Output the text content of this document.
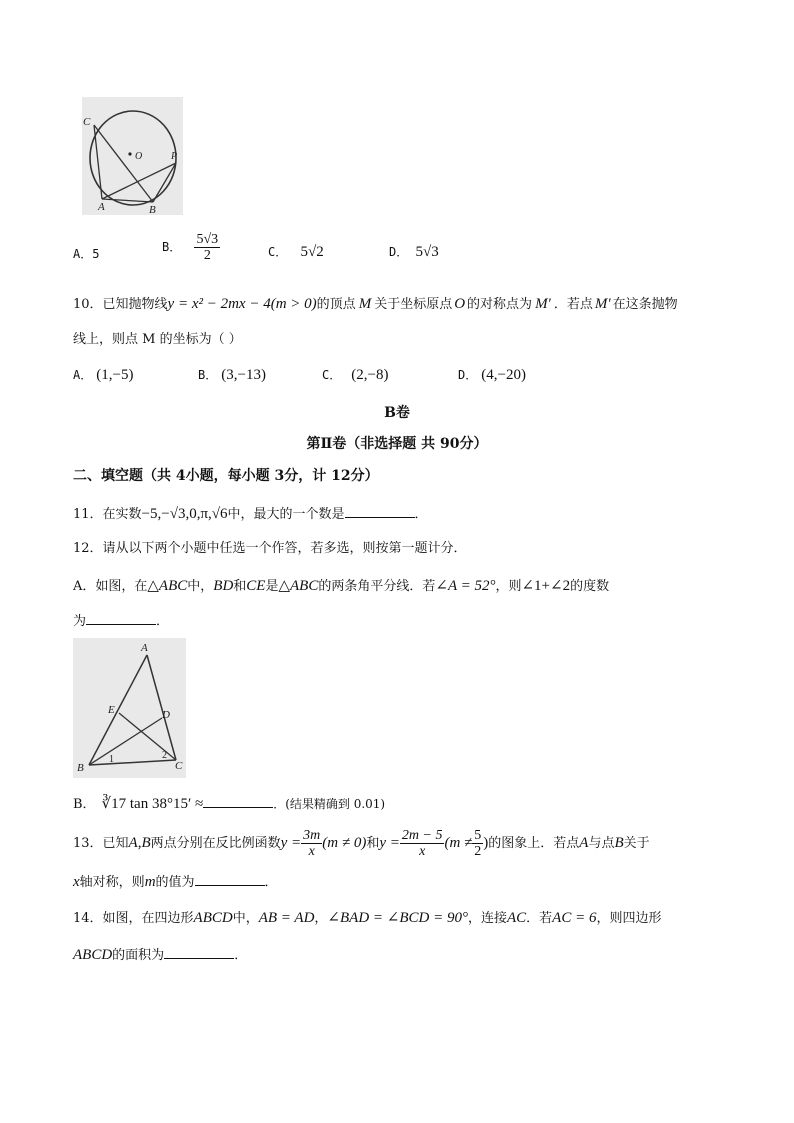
C
O	P
A	B
A．5	B． $\frac{5√3}{2}$	C． 5√2	D． 5√3
10．已知抛物线y = x² − 2mx − 4(m > 0)的顶点 M 关于坐标原点 O 的对称点为 M′ ．若点 M′ 在这条抛物
线上，则点 M 的坐标为（ ）
A． (1,−5)	B． (3,−13)	C． (2,−8)	D． (4,−20)
B卷
第Ⅱ卷（非选择题 共 90分）
二、填空题（共 4小题，每小题 3分，计 12分）
11．在实数−5,−√3,0,π,√6中，最大的一个数是	．
12．请从以下两个小题中任选一个作答，若多选，则按第一题计分．
A．如图，在△ABC中，BD和CE是△ABC的两条角平分线．若∠A = 52°，则∠1+∠2的度数
为	．
A
E	D
B	C
1	2
B． ∛17 tan 38°15′ ≈	．(结果精确到 0.01)
13．已知A,B两点分别在反比例函数$y = \frac{3m}{x} (m \ne 0)$和$y = \frac{2m - 5}{x} (m \ne \frac{5}{2}$ )的图象上．若点A与点B关于
x轴对称，则m的值为	．
14．如图，在四边形ABCD中，AB = AD，∠BAD = ∠BCD = 90°，连接AC．若AC = 6，则四边形
ABCD的面积为	．
